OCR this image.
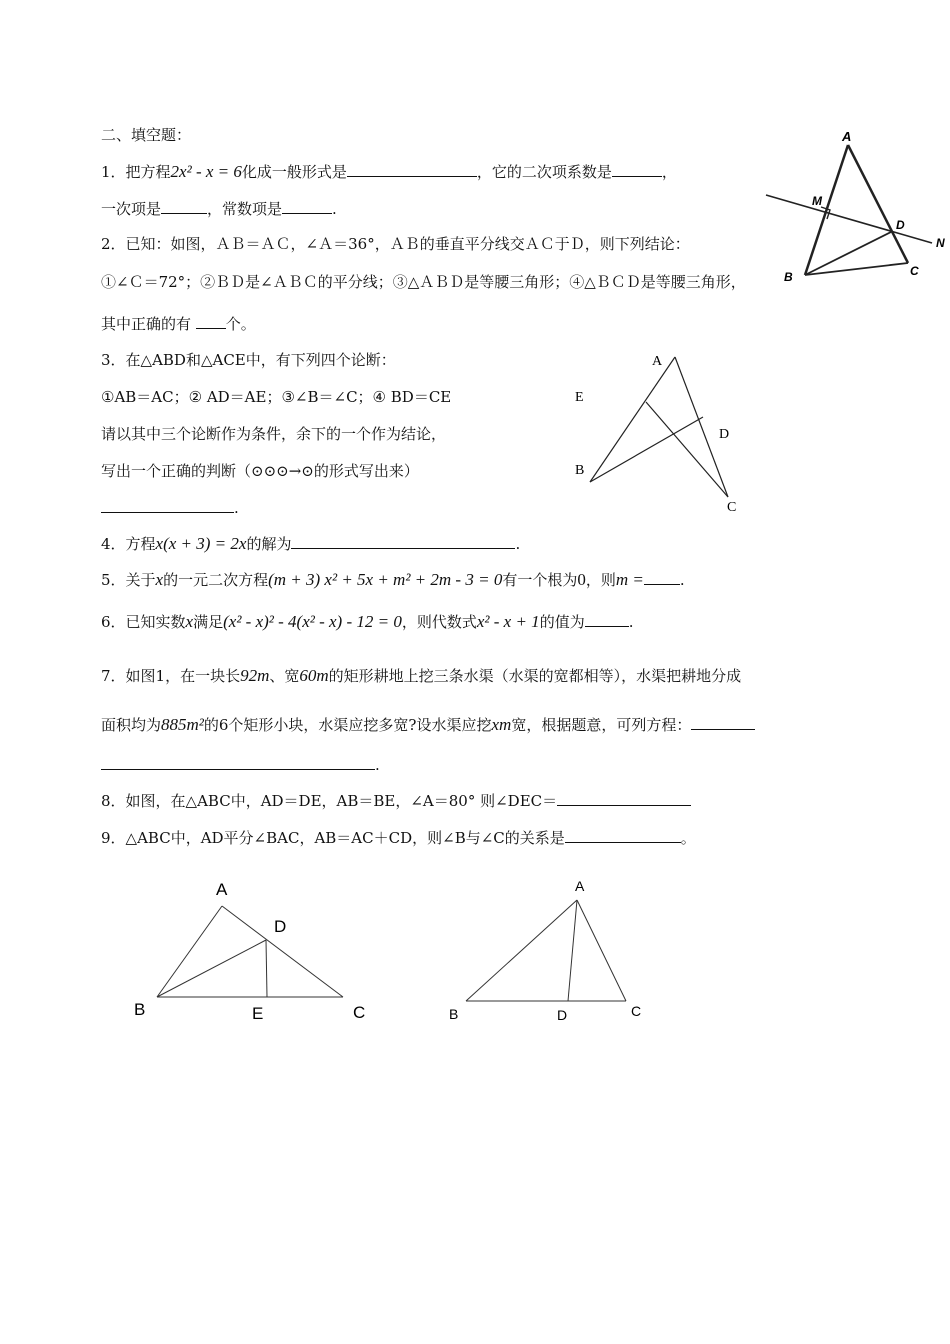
二、填空题：
1．把方程2x² - x = 6化成一般形式是	，它的二次项系数是	，
一次项是	，常数项是	.
2．已知：如图，ＡＢ＝ＡＣ，∠Ａ＝36°，ＡＢ的垂直平分线交ＡＣ于Ｄ，则下列结论：
①∠Ｃ＝72°；②ＢＤ是∠ＡＢＣ的平分线；③△ＡＢＤ是等腰三角形；④△ＢＣＤ是等腰三角形，
其中正确的有 个。
3．在△ABD和△ACE中，有下列四个论断：
①AB＝AC；② AD＝AE；③∠B＝∠C；④ BD＝CE
请以其中三个论断作为条件，余下的一个作为结论，
写出一个正确的判断（⊙⊙⊙→⊙的形式写出来）
.
4．方程x(x + 3) = 2x的解为	.
5．关于x的一元二次方程(m + 3) x² + 5x + m² + 2m - 3 = 0有一个根为0，则m = .
6．已知实数x满足(x² - x)² - 4(x² - x) - 12 = 0，则代数式x² - x + 1的值为	.
7．如图1，在一块长92m、宽60m的矩形耕地上挖三条水渠（水渠的宽都相等），水渠把耕地分成
面积均为885m²的6个矩形小块，水渠应挖多宽?设水渠应挖xm宽，根据题意，可列方程：
.
8．如图，在△ABC中，AD＝DE，AB＝BE，∠A＝80° 则∠DEC＝
9．△ABC中，AD平分∠BAC，AB＝AC＋CD，则∠B与∠C的关系是	。
A
M
D
N
B	C
A
E
D
B
C
A
D
B	E	C
A
B	D	C
